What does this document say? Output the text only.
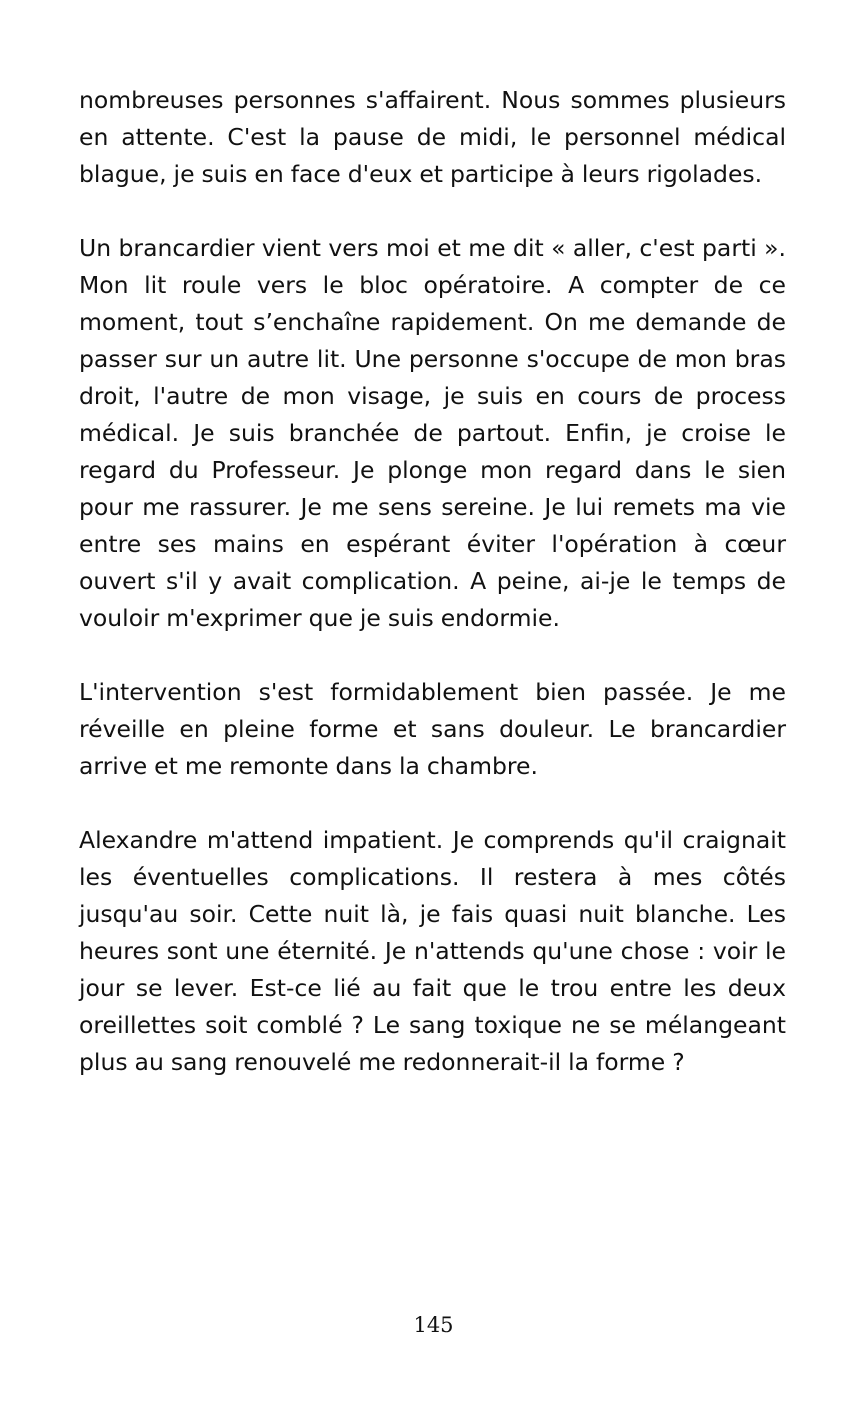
nombreuses personnes s'affairent. Nous sommes plusieurs en attente. C'est la pause de midi, le personnel médical blague, je suis en face d'eux et participe à leurs rigolades.

Un brancardier vient vers moi et me dit « aller, c'est parti ». Mon lit roule vers le bloc opératoire. A compter de ce moment, tout s’enchaîne rapidement. On me demande de passer sur un autre lit. Une personne s'occupe de mon bras droit, l'autre de mon visage, je suis en cours de process médical. Je suis branchée de partout. Enfin, je croise le regard du Professeur. Je plonge mon regard dans le sien pour me rassurer. Je me sens sereine. Je lui remets ma vie entre ses mains en espérant éviter l'opération à cœur ouvert s'il y avait complication. A peine, ai-je le temps de vouloir m'exprimer que je suis endormie.

L'intervention s'est formidablement bien passée. Je me réveille en pleine forme et sans douleur. Le brancardier arrive et me remonte dans la chambre.

Alexandre m'attend impatient. Je comprends qu'il craignait les éventuelles complications. Il restera à mes côtés jusqu'au soir. Cette nuit là, je fais quasi nuit blanche. Les heures sont une éternité. Je n'attends qu'une chose : voir le jour se lever. Est-ce lié au fait que le trou entre les deux oreillettes soit comblé ? Le sang toxique ne se mélangeant plus au sang renouvelé me redonnerait-il la forme ?

145
